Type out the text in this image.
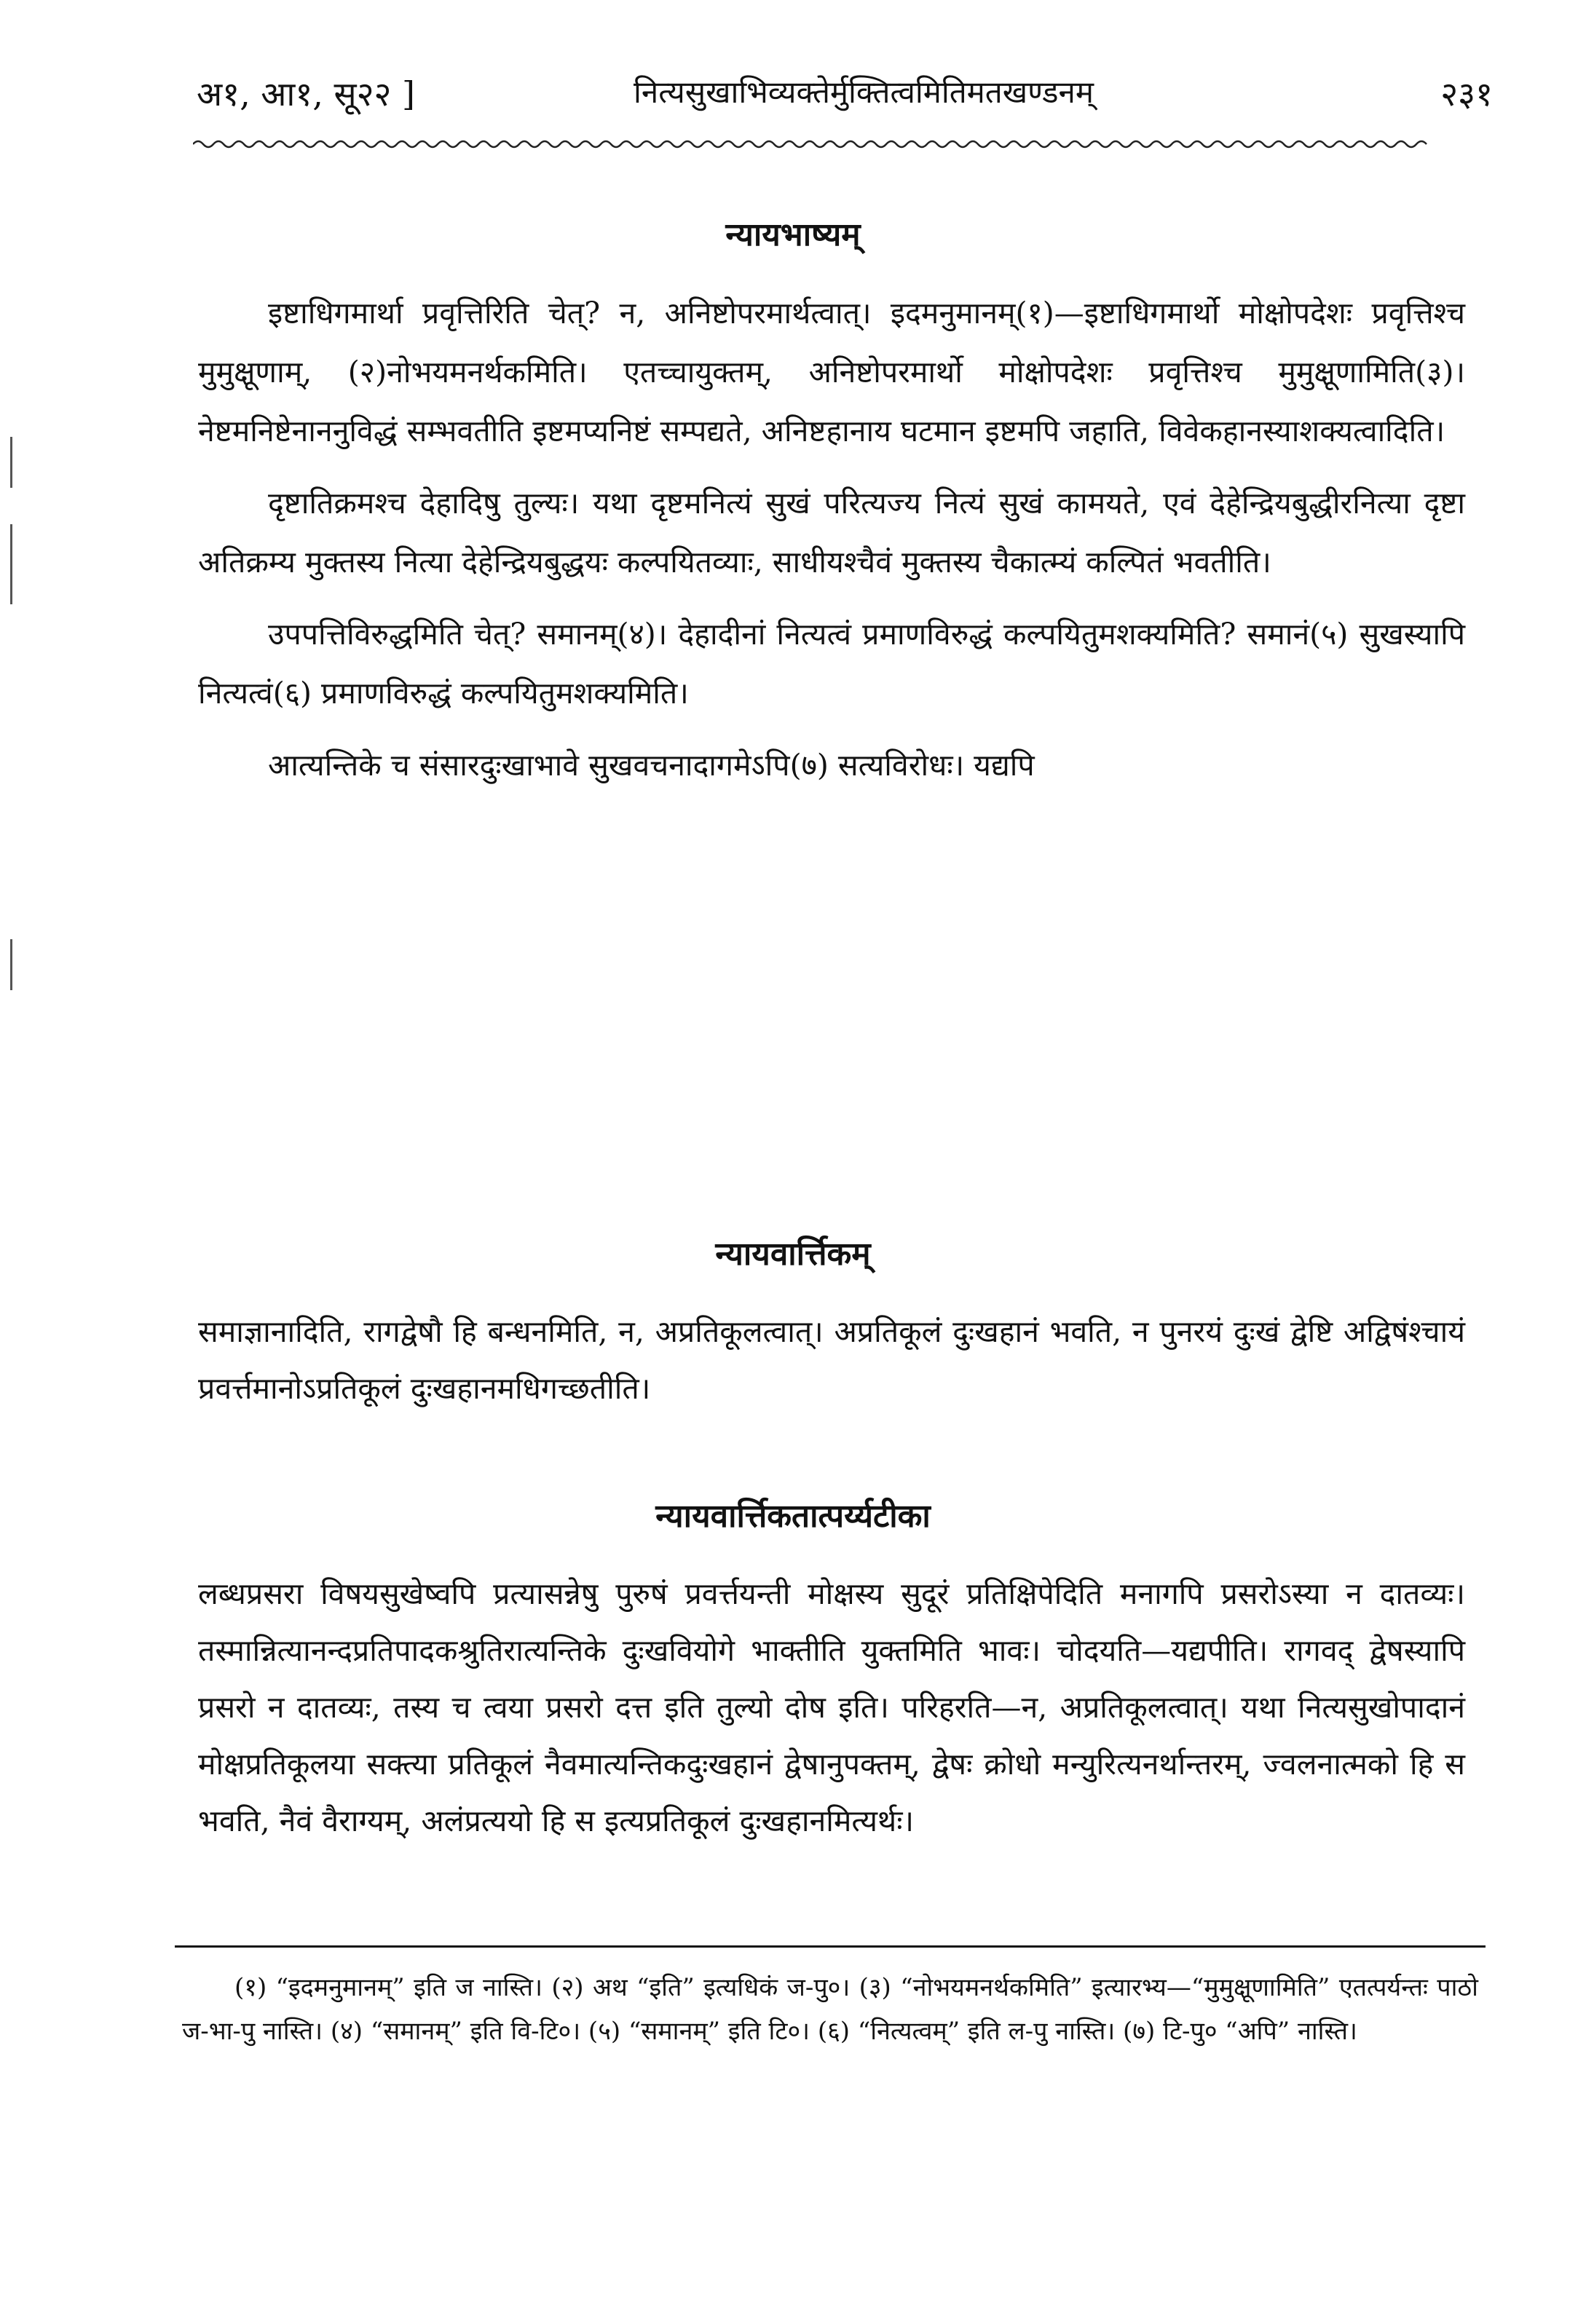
अ१, आ१, सू२२ ]	नित्यसुखाभिव्यक्तेर्मुक्तित्वमितिमतखण्डनम्	२३१
न्यायभाष्यम्

इष्टाधिगमार्था प्रवृत्तिरिति चेत्? न, अनिष्टोपरमार्थत्वात्। इदमनुमानम्(१)—इष्टाधिगमार्थो मोक्षोपदेशः प्रवृत्तिश्च मुमुक्षूणाम्, (२)नोभयमनर्थकमिति। एतच्चायुक्तम्, अनिष्टोपरमार्थो मोक्षोपदेशः प्रवृत्तिश्च मुमुक्षूणामिति(३)। नेष्टमनिष्टेनाननुविद्धं सम्भवतीति इष्टमप्यनिष्टं सम्पद्यते, अनिष्टहानाय घटमान इष्टमपि जहाति, विवेकहानस्याशक्यत्वादिति।

दृष्टातिक्रमश्च देहादिषु तुल्यः। यथा दृष्टमनित्यं सुखं परित्यज्य नित्यं सुखं कामयते, एवं देहेन्द्रियबुद्धीरनित्या दृष्टा अतिक्रम्य मुक्तस्य नित्या देहेन्द्रियबुद्धयः कल्पयितव्याः, साधीयश्चैवं मुक्तस्य चैकात्म्यं कल्पितं भवतीति।

उपपत्तिविरुद्धमिति चेत्? समानम्(४)। देहादीनां नित्यत्वं प्रमाणविरुद्धं कल्पयितुमशक्यमिति? समानं(५) सुखस्यापि नित्यत्वं(६) प्रमाणविरुद्धं कल्पयितुमशक्यमिति।

आत्यन्तिके च संसारदुःखाभावे सुखवचनादागमेऽपि(७) सत्यविरोधः। यद्यपि

न्यायवार्त्तिकम्

समाज्ञानादिति, रागद्वेषौ हि बन्धनमिति, न, अप्रतिकूलत्वात्। अप्रतिकूलं दुःखहानं भवति, न पुनरयं दुःखं द्वेष्टि अद्विषंश्चायं प्रवर्त्तमानोऽप्रतिकूलं दुःखहानमधिगच्छतीति।

न्यायवार्त्तिकतात्पर्य्यटीका

लब्धप्रसरा विषयसुखेष्वपि प्रत्यासन्नेषु पुरुषं प्रवर्त्तयन्ती मोक्षस्य सुदूरं प्रतिक्षिपेदिति मनागपि प्रसरोऽस्या न दातव्यः। तस्मान्नित्यानन्दप्रतिपादकश्रुतिरात्यन्तिके दुःखवियोगे भाक्तीति युक्तमिति भावः। चोदयति—यद्यपीति। रागवद् द्वेषस्यापि प्रसरो न दातव्यः, तस्य च त्वया प्रसरो दत्त इति तुल्यो दोष इति। परिहरति—न, अप्रतिकूलत्वात्। यथा नित्यसुखोपादानं मोक्षप्रतिकूलया सक्त्या प्रतिकूलं नैवमात्यन्तिकदुःखहानं द्वेषानुपक्तम्, द्वेषः क्रोधो मन्युरित्यनर्थान्तरम्, ज्वलनात्मको हि स भवति, नैवं वैराग्यम्, अलंप्रत्ययो हि स इत्यप्रतिकूलं दुःखहानमित्यर्थः।

(१) “इदमनुमानम्” इति ज नास्ति। (२) अथ “इति” इत्यधिकं ज-पु०। (३) “नोभयमनर्थकमिति” इत्यारभ्य—“मुमुक्षूणामिति” एतत्पर्यन्तः पाठो ज-भा-पु नास्ति। (४) “समानम्” इति वि-टि०। (५) “समानम्” इति टि०। (६) “नित्यत्वम्” इति ल-पु नास्ति। (७) टि-पु० “अपि” नास्ति।
